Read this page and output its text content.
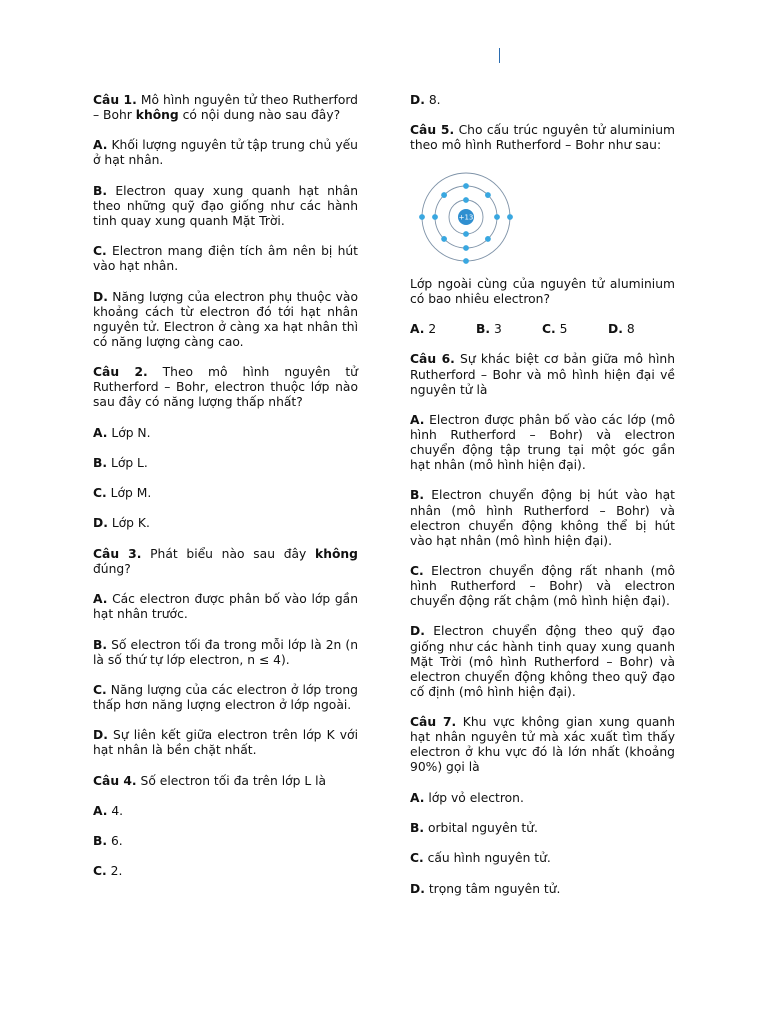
Câu 1. Mô hình nguyên tử theo Rutherford – Bohr không có nội dung nào sau đây?

A. Khối lượng nguyên tử tập trung chủ yếu ở hạt nhân.

B. Electron quay xung quanh hạt nhân theo những quỹ đạo giống như các hành tinh quay xung quanh Mặt Trời.

C. Electron mang điện tích âm nên bị hút vào hạt nhân.

D. Năng lượng của electron phụ thuộc vào khoảng cách từ electron đó tới hạt nhân nguyên tử. Electron ở càng xa hạt nhân thì có năng lượng càng cao.

Câu 2. Theo mô hình nguyên tử Rutherford – Bohr, electron thuộc lớp nào sau đây có năng lượng thấp nhất?

A. Lớp N.

B. Lớp L.

C. Lớp M.

D. Lớp K.

Câu 3. Phát biểu nào sau đây không đúng?

A. Các electron được phân bố vào lớp gần hạt nhân trước.

B. Số electron tối đa trong mỗi lớp là 2n (n là số thứ tự lớp electron, n ≤ 4).

C. Năng lượng của các electron ở lớp trong thấp hơn năng lượng electron ở lớp ngoài.

D. Sự liên kết giữa electron trên lớp K với hạt nhân là bền chặt nhất.

Câu 4. Số electron tối đa trên lớp L là

A. 4.

B. 6.

C. 2.

D. 8.

Câu 5. Cho cấu trúc nguyên tử aluminium theo mô hình Rutherford – Bohr như sau:

+13

Lớp ngoài cùng của nguyên tử aluminium có bao nhiêu electron?

A. 2	B. 3	C. 5	D. 8

Câu 6. Sự khác biệt cơ bản giữa mô hình Rutherford – Bohr và mô hình hiện đại về nguyên tử là

A. Electron được phân bố vào các lớp (mô hình Rutherford – Bohr) và electron chuyển động tập trung tại một góc gần hạt nhân (mô hình hiện đại).

B. Electron chuyển động bị hút vào hạt nhân (mô hình Rutherford – Bohr) và electron chuyển động không thể bị hút vào hạt nhân (mô hình hiện đại).

C. Electron chuyển động rất nhanh (mô hình Rutherford – Bohr) và electron chuyển động rất chậm (mô hình hiện đại).

D. Electron chuyển động theo quỹ đạo giống như các hành tinh quay xung quanh Mặt Trời (mô hình Rutherford – Bohr) và electron chuyển động không theo quỹ đạo cố định (mô hình hiện đại).

Câu 7. Khu vực không gian xung quanh hạt nhân nguyên tử mà xác xuất tìm thấy electron ở khu vực đó là lớn nhất (khoảng 90%) gọi là

A. lớp vỏ electron.

B. orbital nguyên tử.

C. cấu hình nguyên tử.

D. trọng tâm nguyên tử.
